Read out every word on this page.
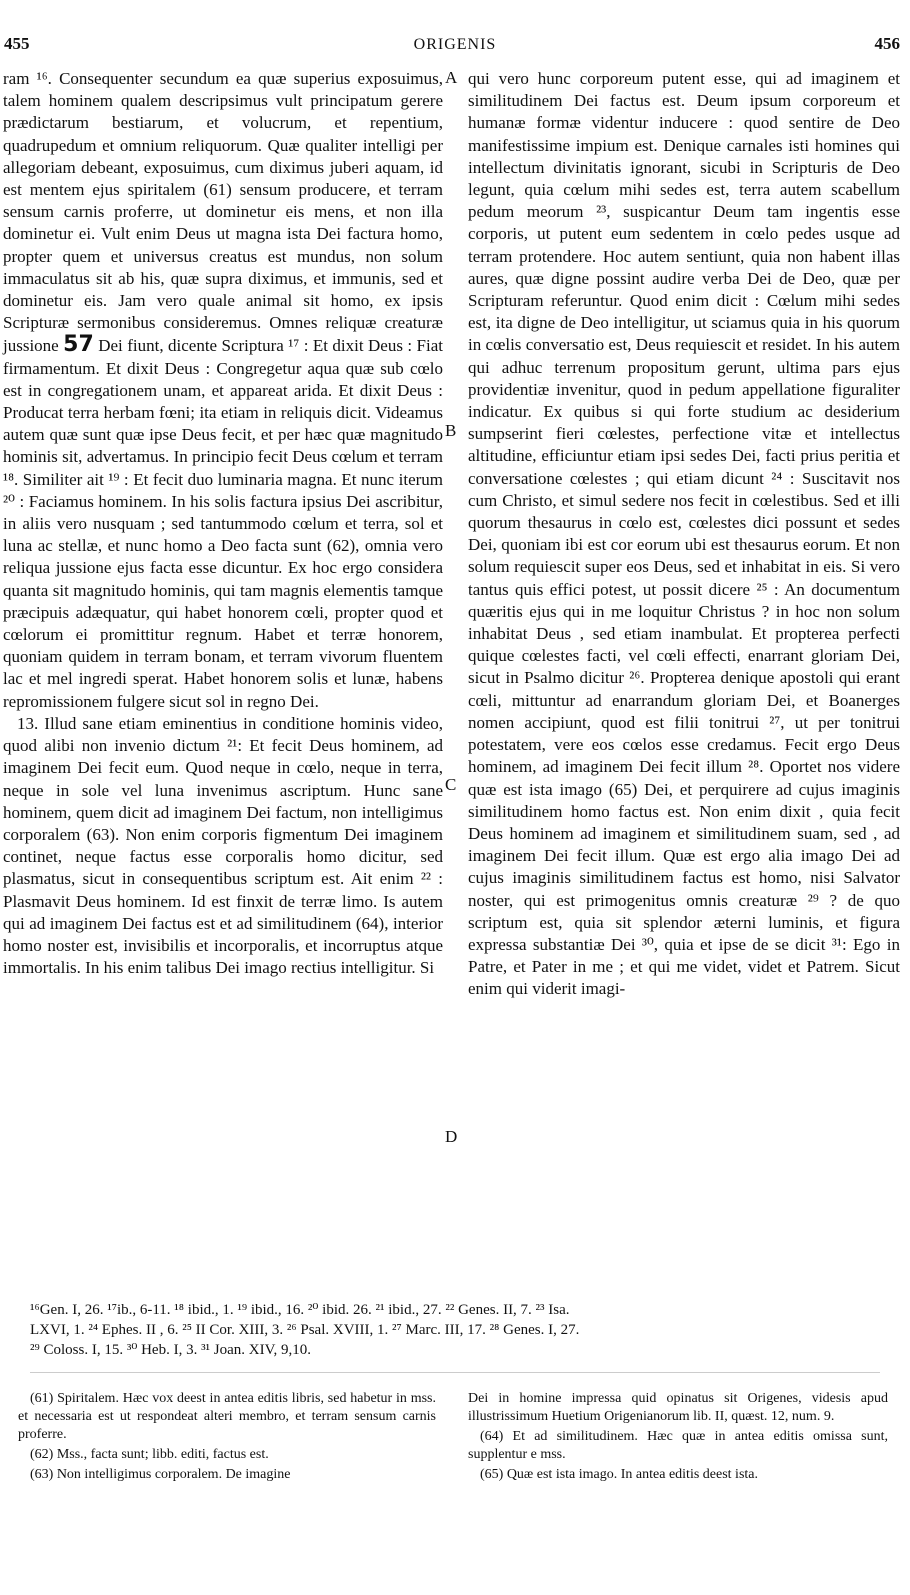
455	ORIGENIS	456

ram ¹⁶. Consequenter secundum ea quæ superius exposuimus, talem hominem qualem descripsimus vult principatum gerere prædictarum bestiarum, et volucrum, et repentium, quadrupedum et omnium reliquorum. Quæ qualiter intelligi per allegoriam debeant, exposuimus, cum diximus juberi aquam, id est mentem ejus spiritalem (61) sensum producere, et terram sensum carnis proferre, ut dominetur eis mens, et non illa dominetur ei. Vult enim Deus ut magna ista Dei factura homo, propter quem et universus creatus est mundus, non solum immaculatus sit ab his, quæ supra diximus, et immunis, sed et dominetur eis. Jam vero quale animal sit homo, ex ipsis Scripturæ sermonibus consideremus. Omnes reliquæ creaturæ jussione 57 Dei fiunt, dicente Scriptura ¹⁷ : Et dixit Deus : Fiat firmamentum. Et dixit Deus : Congregetur aqua quæ sub cœlo est in congregationem unam, et appareat arida. Et dixit Deus : Producat terra herbam fœni; ita etiam in reliquis dicit. Videamus autem quæ sunt quæ ipse Deus fecit, et per hæc quæ magnitudo hominis sit, advertamus. In principio fecit Deus cœlum et terram ¹⁸. Similiter ait ¹⁹ : Et fecit duo luminaria magna. Et nunc iterum ²⁰ : Faciamus hominem. In his solis factura ipsius Dei ascribitur, in aliis vero nusquam ; sed tantummodo cœlum et terra, sol et luna ac stellæ, et nunc homo a Deo facta sunt (62), omnia vero reliqua jussione ejus facta esse dicuntur. Ex hoc ergo considera quanta sit magnitudo hominis, qui tam magnis elementis tamque præcipuis adæquatur, qui habet honorem cœli, propter quod et cœlorum ei promittitur regnum. Habet et terræ honorem, quoniam quidem in terram bonam, et terram vivorum fluentem lac et mel ingredi sperat. Habet honorem solis et lunæ, habens repromissionem fulgere sicut sol in regno Dei.

13. Illud sane etiam eminentius in conditione hominis video, quod alibi non invenio dictum ²¹: Et fecit Deus hominem, ad imaginem Dei fecit eum. Quod neque in cœlo, neque in terra, neque in sole vel luna invenimus ascriptum. Hunc sane hominem, quem dicit ad imaginem Dei factum, non intelligimus corporalem (63). Non enim corporis figmentum Dei imaginem continet, neque factus esse corporalis homo dicitur, sed plasmatus, sicut in consequentibus scriptum est. Ait enim ²² : Plasmavit Deus hominem. Id est finxit de terræ limo. Is autem qui ad imaginem Dei factus est et ad similitudinem (64), interior homo noster est, invisibilis et incorporalis, et incorruptus atque immortalis. In his enim talibus Dei imago rectius intelligitur. Si

qui vero hunc corporeum putent esse, qui ad imaginem et similitudinem Dei factus est. Deum ipsum corporeum et humanæ formæ videntur inducere : quod sentire de Deo manifestissime impium est. Denique carnales isti homines qui intellectum divinitatis ignorant, sicubi in Scripturis de Deo legunt, quia cœlum mihi sedes est, terra autem scabellum pedum meorum ²³, suspicantur Deum tam ingentis esse corporis, ut putent eum sedentem in cœlo pedes usque ad terram protendere. Hoc autem sentiunt, quia non habent illas aures, quæ digne possint audire verba Dei de Deo, quæ per Scripturam referuntur. Quod enim dicit : Cœlum mihi sedes est, ita digne de Deo intelligitur, ut sciamus quia in his quorum in cœlis conversatio est, Deus requiescit et residet. In his autem qui adhuc terrenum propositum gerunt, ultima pars ejus providentiæ invenitur, quod in pedum appellatione figuraliter indicatur. Ex quibus si qui forte studium ac desiderium sumpserint fieri cœlestes, perfectione vitæ et intellectus altitudine, efficiuntur etiam ipsi sedes Dei, facti prius peritia et conversatione cœlestes ; qui etiam dicunt ²⁴ : Suscitavit nos cum Christo, et simul sedere nos fecit in cœlestibus. Sed et illi quorum thesaurus in cœlo est, cœlestes dici possunt et sedes Dei, quoniam ibi est cor eorum ubi est thesaurus eorum. Et non solum requiescit super eos Deus, sed et inhabitat in eis. Si vero tantus quis effici potest, ut possit dicere ²⁵ : An documentum quæritis ejus qui in me loquitur Christus ? in hoc non solum inhabitat Deus , sed etiam inambulat. Et propterea perfecti quique cœlestes facti, vel cœli effecti, enarrant gloriam Dei, sicut in Psalmo dicitur ²⁶. Propterea denique apostoli qui erant cœli, mittuntur ad enarrandum gloriam Dei, et Boanerges nomen accipiunt, quod est filii tonitrui ²⁷, ut per tonitrui potestatem, vere eos cœlos esse credamus. Fecit ergo Deus hominem, ad imaginem Dei fecit illum ²⁸. Oportet nos videre quæ est ista imago (65) Dei, et perquirere ad cujus imaginis similitudinem homo factus est. Non enim dixit , quia fecit Deus hominem ad imaginem et similitudinem suam, sed , ad imaginem Dei fecit illum. Quæ est ergo alia imago Dei ad cujus imaginis similitudinem factus est homo, nisi Salvator noster, qui est primogenitus omnis creaturæ ²⁹ ? de quo scriptum est, quia sit splendor æterni luminis, et figura expressa substantiæ Dei ³⁰, quia et ipse de se dicit ³¹: Ego in Patre, et Pater in me ; et qui me videt, videt et Patrem. Sicut enim qui viderit imagi-

A
B
C
D
¹⁶Gen. I, 26. ¹⁷ib., 6-11. ¹⁸ ibid., 1. ¹⁹ ibid., 16. ²⁰ ibid. 26. ²¹ ibid., 27. ²² Genes. II, 7. ²³ Isa.
LXVI, 1. ²⁴ Ephes. II , 6. ²⁵ II Cor. XIII, 3. ²⁶ Psal. XVIII, 1. ²⁷ Marc. III, 17. ²⁸ Genes. I, 27.
²⁹ Coloss. I, 15. ³⁰ Heb. I, 3. ³¹ Joan. XIV, 9,10.

(61) Spiritalem. Hæc vox deest in antea editis libris, sed habetur in mss. et necessaria est ut respondeat alteri membro, et terram sensum carnis proferre.

(62) Mss., facta sunt; libb. editi, factus est.

(63) Non intelligimus corporalem. De imagine

Dei in homine impressa quid opinatus sit Origenes, videsis apud illustrissimum Huetium Origenianorum lib. II, quæst. 12, num. 9.

(64) Et ad similitudinem. Hæc quæ in antea editis omissa sunt, supplentur e mss.

(65) Quæ est ista imago. In antea editis deest ista.
